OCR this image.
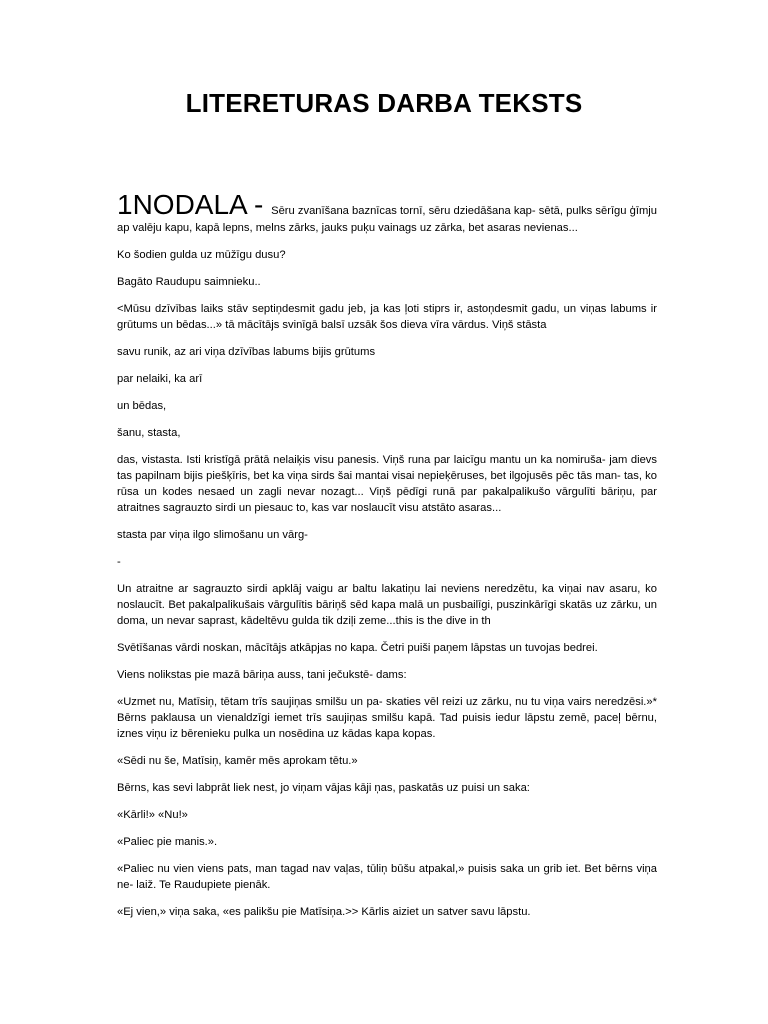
LITERETURAS DARBA TEKSTS

1NODALA - Sēru zvanīšana baznīcas tornī, sēru dziedāšana kap- sētā, pulks sērīgu ģīmju ap valēju kapu, kapā lepns, melns zārks, jauks puķu vainags uz zārka, bet asaras nevienas...

Ko šodien gulda uz mūžīgu dusu?

Bagāto Raudupu saimnieku..

<Mūsu dzīvības laiks stāv septiņdesmit gadu jeb, ja kas ļoti stiprs ir, astoņdesmit gadu, un viņas labums ir grūtums un bēdas...» tā mācītājs svinīgā balsī uzsāk šos dieva vīra vārdus. Viņš stāsta

savu runik, az ari viņa dzīvības labums bijis grūtums

par nelaiki, ka arī

un bēdas,

šanu, stasta,

das, vistasta. Isti kristīgā prātā nelaiķis visu panesis. Viņš runa par laicīgu mantu un ka nomiruša- jam dievs tas papilnam bijis piešķīris, bet ka viņa sirds šai mantai visai nepieķēruses, bet ilgojusēs pēc tās man- tas, ko rūsa un kodes nesaed un zagli nevar nozagt... Viņš pēdīgi runā par pakalpalikušo vārgulīti bāriņu, par atraitnes sagrauzto sirdi un piesauc to, kas var noslaucīt visu atstāto asaras...

stasta par viņa ilgo slimošanu un vārg-

-

Un atraitne ar sagrauzto sirdi apklāj vaigu ar baltu lakatiņu lai neviens neredzētu, ka viņai nav asaru, ko noslaucīt. Bet pakalpalikušais vārgulītis bāriņš sēd kapa malā un pusbailīgi, puszinkārīgi skatās uz zārku, un doma, un nevar saprast, kādeltēvu gulda tik dziļi zeme...this is the dive in th

Svētīšanas vārdi noskan, mācītājs atkāpjas no kapa. Četri puiši paņem lāpstas un tuvojas bedrei.

Viens nolikstas pie mazā bāriņa auss, tani ječukstē- dams:

«Uzmet nu, Matīsiņ, tētam trīs saujiņas smilšu un pa- skaties vēl reizi uz zārku, nu tu viņa vairs neredzēsi.»* Bērns paklausa un vienaldzīgi iemet trīs saujiņas smilšu kapā. Tad puisis iedur lāpstu zemē, paceļ bērnu, iznes viņu iz bērenieku pulka un nosēdina uz kādas kapa kopas.

«Sēdi nu še, Matīsiņ, kamēr mēs aprokam tētu.»

Bērns, kas sevi labprāt liek nest, jo viņam vājas kāji ņas, paskatās uz puisi un saka:

«Kārli!» «Nu!»

«Paliec pie manis.».

«Paliec nu vien viens pats, man tagad nav vaļas, tūliņ būšu atpakal,» puisis saka un grib iet. Bet bērns viņa ne- laiž. Te Raudupiete pienāk.

«Ej vien,» viņa saka, «es palikšu pie Matīsiņa.>> Kārlis aiziet un satver savu lāpstu.
